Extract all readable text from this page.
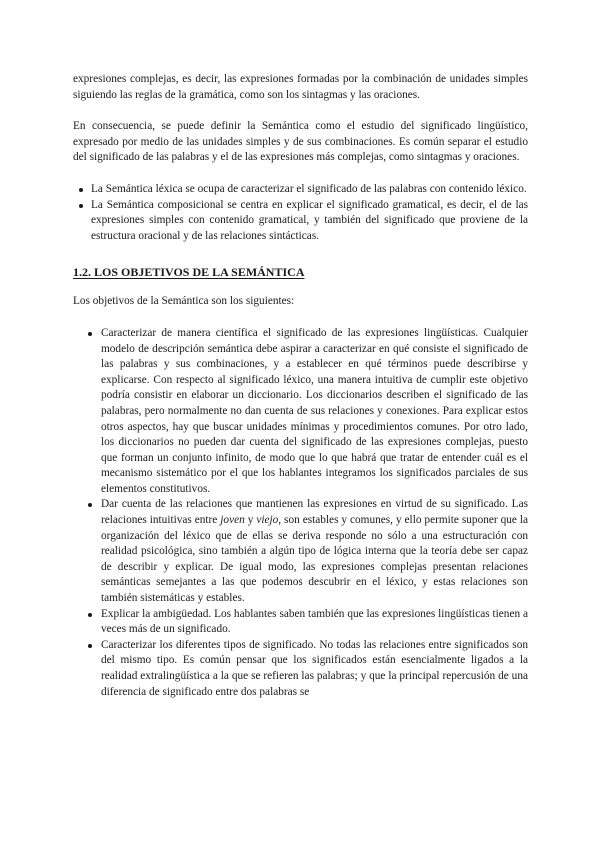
expresiones complejas, es decir, las expresiones formadas por la combinación de unidades simples siguiendo las reglas de la gramática, como son los sintagmas y las oraciones.

En consecuencia, se puede definir la Semántica como el estudio del significado lingüístico, expresado por medio de las unidades simples y de sus combinaciones. Es común separar el estudio del significado de las palabras y el de las expresiones más complejas, como sintagmas y oraciones.

La Semántica léxica se ocupa de caracterizar el significado de las palabras con contenido léxico.
La Semántica composicional se centra en explicar el significado gramatical, es decir, el de las expresiones simples con contenido gramatical, y también del significado que proviene de la estructura oracional y de las relaciones sintácticas.
1.2. LOS OBJETIVOS DE LA SEMÁNTICA

Los objetivos de la Semántica son los siguientes:

Caracterizar de manera científica el significado de las expresiones lingüísticas. Cualquier modelo de descripción semántica debe aspirar a caracterizar en qué consiste el significado de las palabras y sus combinaciones, y a establecer en qué términos puede describirse y explicarse. Con respecto al significado léxico, una manera intuitiva de cumplir este objetivo podría consistir en elaborar un diccionario. Los diccionarios describen el significado de las palabras, pero normalmente no dan cuenta de sus relaciones y conexiones. Para explicar estos otros aspectos, hay que buscar unidades mínimas y procedimientos comunes. Por otro lado, los diccionarios no pueden dar cuenta del significado de las expresiones complejas, puesto que forman un conjunto infinito, de modo que lo que habrá que tratar de entender cuál es el mecanismo sistemático por el que los hablantes integramos los significados parciales de sus elementos constitutivos.
Dar cuenta de las relaciones que mantienen las expresiones en virtud de su significado. Las relaciones intuitivas entre joven y viejo, son estables y comunes, y ello permite suponer que la organización del léxico que de ellas se deriva responde no sólo a una estructuración con realidad psicológica, sino también a algún tipo de lógica interna que la teoría debe ser capaz de describir y explicar. De igual modo, las expresiones complejas presentan relaciones semánticas semejantes a las que podemos descubrir en el léxico, y estas relaciones son también sistemáticas y estables.
Explicar la ambigüedad. Los hablantes saben también que las expresiones lingüísticas tienen a veces más de un significado.
Caracterizar los diferentes tipos de significado. No todas las relaciones entre significados son del mismo tipo. Es común pensar que los significados están esencialmente ligados a la realidad extralingüística a la que se refieren las palabras; y que la principal repercusión de una diferencia de significado entre dos palabras se
